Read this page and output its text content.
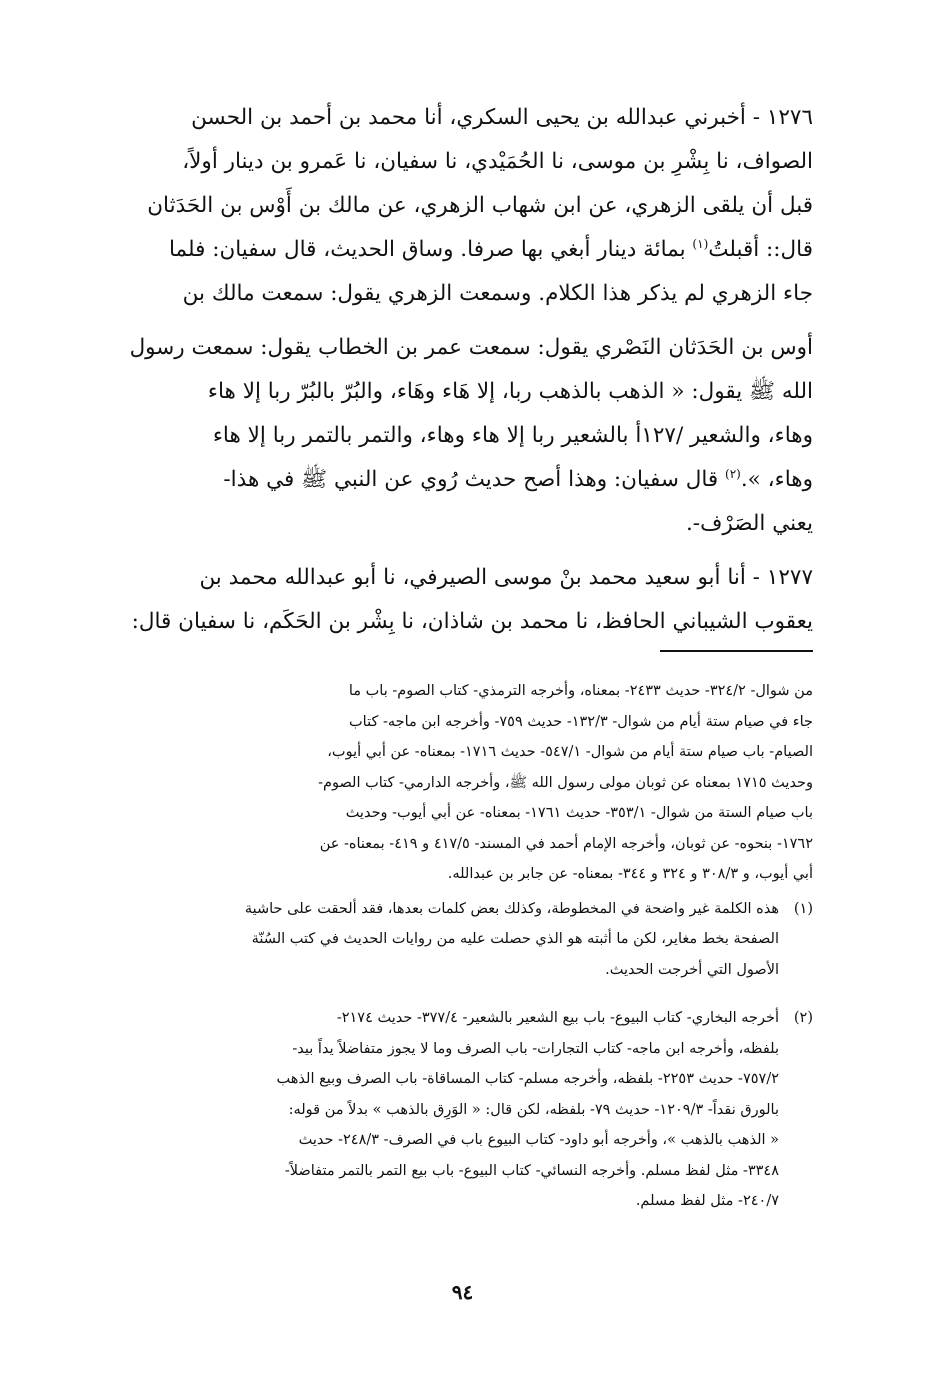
١٢٧٦ - أخبرني عبدالله بن يحيى السكري، أنا محمد بن أحمد بن الحسن
الصواف، نا بِشْرِ بن موسى، نا الحُمَيْدي، نا سفيان، نا عَمرو بن دينار أولاً،
قبل أن يلقى الزهري، عن ابن شهاب الزهري، عن مالك بن أَوْس بن الحَدَثان
قال:: أقبلتُ$^{(١)}$ بمائة دينار أبغي بها صرفا. وساق الحديث، قال سفيان: فلما
جاء الزهري لم يذكر هذا الكلام. وسمعت الزهري يقول: سمعت مالك بن

أوس بن الحَدَثان النَصْري يقول: سمعت عمر بن الخطاب يقول: سمعت رسول
الله ﷺ يقول: « الذهب بالذهب ربا، إلا هَاء وهَاء، والبُرّ بالبُرّ ربا إلا هاء
وهاء، والشعير /١٢٧أ بالشعير ربا إلا هاء وهاء، والتمر بالتمر ربا إلا هاء
وهاء، ».$^{(٢)}$ قال سفيان: وهذا أصح حديث رُوي عن النبي ﷺ في هذا-
يعني الصَرْف-.

١٢٧٧ - أنا أبو سعيد محمد بنْ موسى الصيرفي، نا أبو عبدالله محمد بن
يعقوب الشيباني الحافظ، نا محمد بن شاذان، نا بِشْر بن الحَكَم، نا سفيان قال:

من شوال- ٣٢٤/٢- حديث ٢٤٣٣- بمعناه، وأخرجه الترمذي- كتاب الصوم- باب ما
جاء في صيام ستة أيام من شوال- ١٣٢/٣- حديث ٧٥٩- وأخرجه ابن ماجه- كتاب
الصيام- باب صيام ستة أيام من شوال- ٥٤٧/١- حديث ١٧١٦- بمعناه- عن أبي أيوب،
وحديث ١٧١٥ بمعناه عن ثوبان مولى رسول الله ﷺ، وأخرجه الدارمي- كتاب الصوم-
باب صيام الستة من شوال- ٣٥٣/١- حديث ١٧٦١- بمعناه- عن أبي أيوب- وحديث
١٧٦٢- بنحوه- عن ثوبان، وأخرجه الإمام أحمد في المسند- ٤١٧/٥ و ٤١٩- بمعناه- عن
أبي أيوب، و ٣٠٨/٣ و ٣٢٤ و ٣٤٤- بمعناه- عن جابر بن عبدالله.

(١)
هذه الكلمة غير واضحة في المخطوطة، وكذلك بعض كلمات بعدها، فقد ألحقت على حاشية
الصفحة بخط مغاير، لكن ما أثبته هو الذي حصلت عليه من روايات الحديث في كتب السُنّة
الأصول التي أخرجت الحديث.
(٢)
أخرجه البخاري- كتاب البيوع- باب بيع الشعير بالشعير- ٣٧٧/٤- حديث ٢١٧٤-
بلفظه، وأخرجه ابن ماجه- كتاب التجارات- باب الصرف وما لا يجوز متفاضلاً يداً بيد-
٧٥٧/٢- حديث ٢٢٥٣- بلفظه، وأخرجه مسلم- كتاب المساقاة- باب الصرف وبيع الذهب
بالورق نقداً- ١٢٠٩/٣- حديث ٧٩- بلفظه، لكن قال: « الوَرِق بالذهب » بدلاً من قوله:
« الذهب بالذهب »، وأخرجه أبو داود- كتاب البيوع باب في الصرف- ٢٤٨/٣- حديث
٣٣٤٨- مثل لفظ مسلم. وأخرجه النسائي- كتاب البيوع- باب بيع التمر بالتمر متفاضلاً-
٢٤٠/٧- مثل لفظ مسلم.
٩٤
